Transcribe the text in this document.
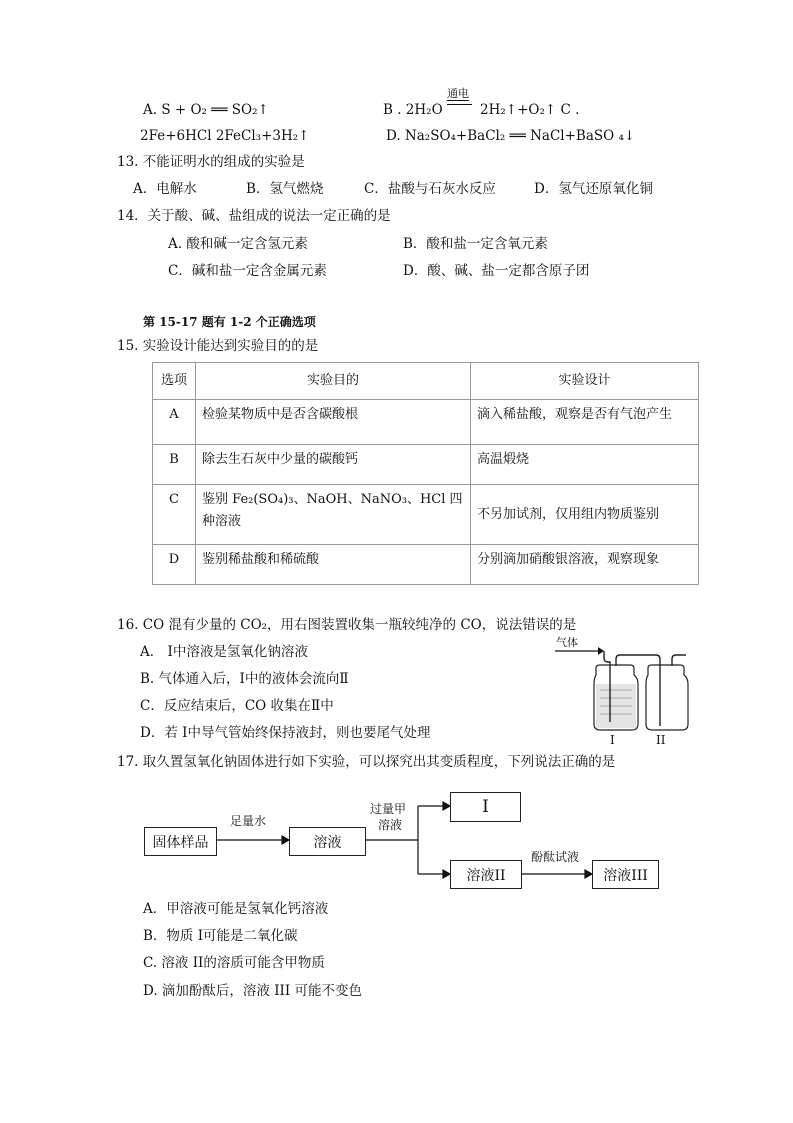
A. S + O₂ ══ SO₂↑	B . 2H₂O
通电
2H₂↑+O₂↑ C .
2Fe+6HCl 2FeCl₃+3H₂↑	D. Na₂SO₄+BaCl₂ ══ NaCl+BaSO ₄↓
13. 不能证明水的组成的实验是
A．电解水	B．氢气燃烧	C．盐酸与石灰水反应	D．氢气还原氧化铜
14．关于酸、碱、盐组成的说法一定正确的是
A. 酸和碱一定含氢元素	B．酸和盐一定含氧元素
C．碱和盐一定含金属元素	D．酸、碱、盐一定都含原子团
第 15-17 题有 1-2 个正确选项
15. 实验设计能达到实验目的的是
选项	实验目的	实验设计
A	检验某物质中是否含碳酸根	滴入稀盐酸，观察是否有气泡产生
B	除去生石灰中少量的碳酸钙	高温煅烧
C	鉴别 Fe₂(SO₄)₃、NaOH、NaNO₃、HCl 四种溶液	不另加试剂，仅用组内物质鉴别
D	鉴别稀盐酸和稀硫酸	分别滴加硝酸银溶液，观察现象
16. CO 混有少量的 CO₂，用右图装置收集一瓶较纯净的 CO，说法错误的是
A． Ⅰ中溶液是氢氧化钠溶液
B. 气体通入后，Ⅰ中的液体会流向Ⅱ
C．反应结束后，CO 收集在Ⅱ中
D．若 Ⅰ中导气管始终保持液封，则也要尾气处理
气体
I	II
17. 取久置氢氧化钠固体进行如下实验，可以探究出其变质程度，下列说法正确的是
固体样品
足量水
溶液
过量甲
溶液
I
溶液II
酚酞试液
溶液III
A．甲溶液可能是氢氧化钙溶液
B．物质 I可能是二氧化碳
C. 溶液 II的溶质可能含甲物质
D. 滴加酚酞后，溶液 III 可能不变色
